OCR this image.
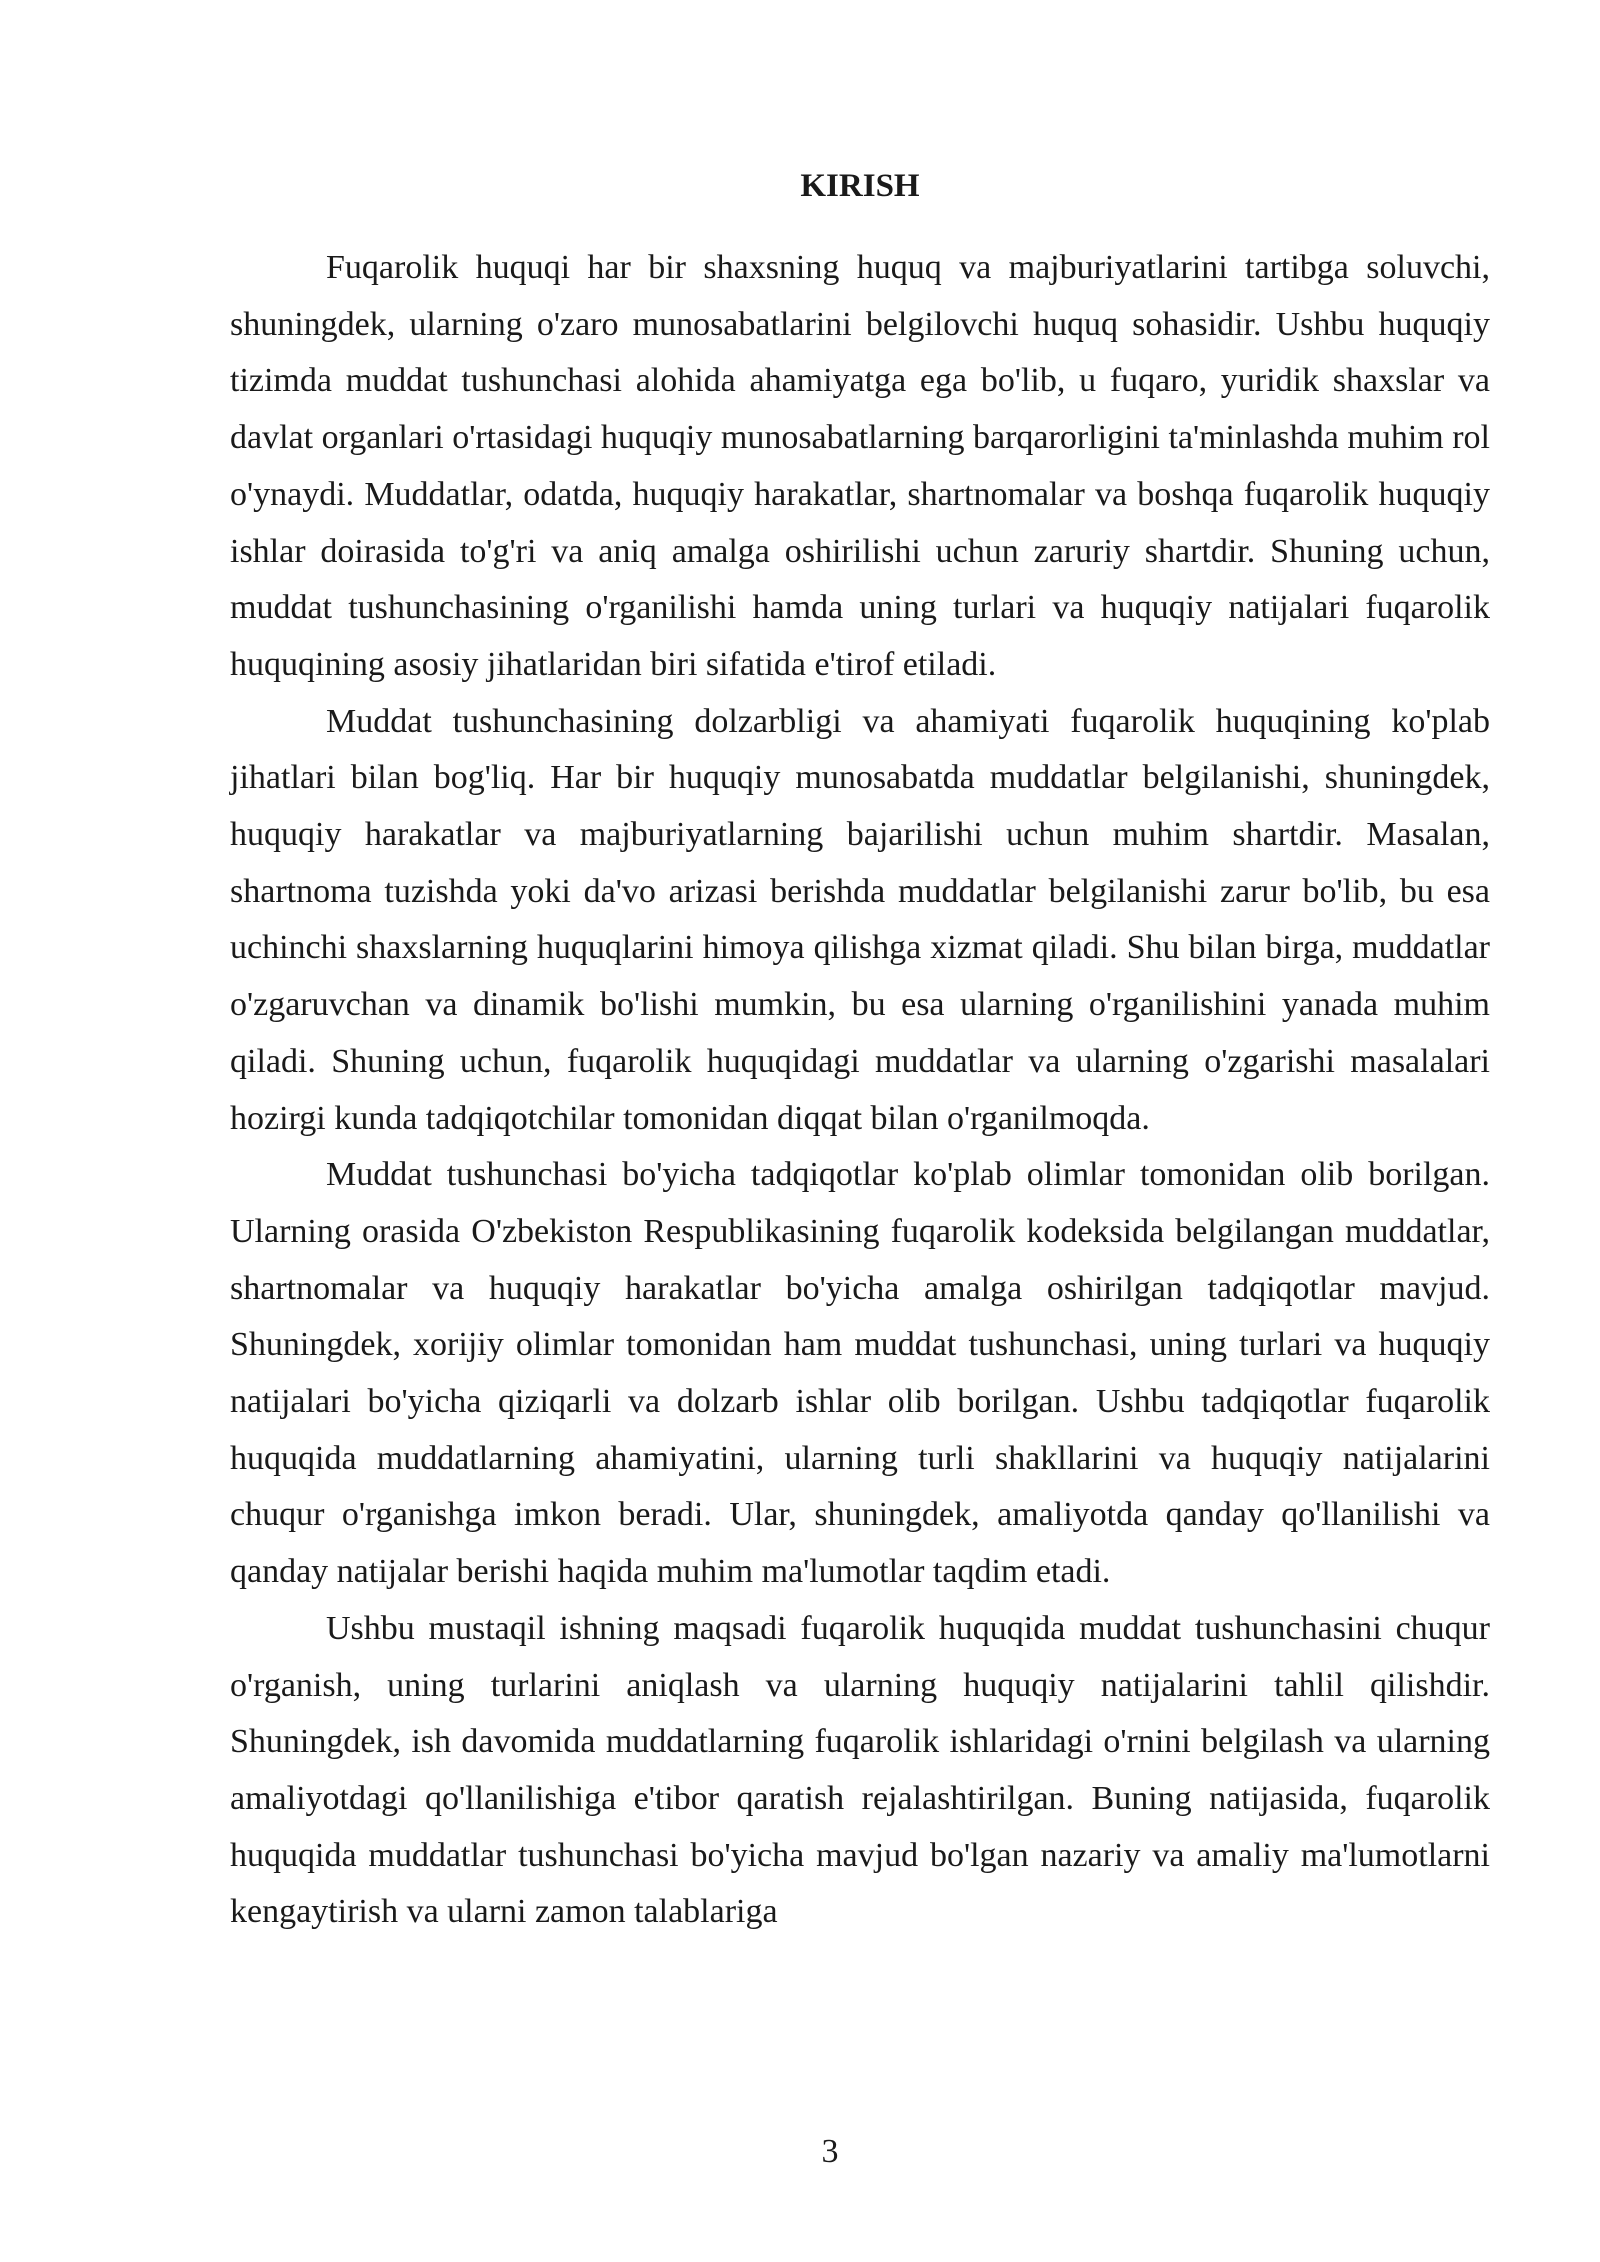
KIRISH

Fuqarolik huquqi har bir shaxsning huquq va majburiyatlarini tartibga soluvchi, shuningdek, ularning o'zaro munosabatlarini belgilovchi huquq sohasidir. Ushbu huquqiy tizimda muddat tushunchasi alohida ahamiyatga ega bo'lib, u fuqaro, yuridik shaxslar va davlat organlari o'rtasidagi huquqiy munosabatlarning barqarorligini ta'minlashda muhim rol o'ynaydi. Muddatlar, odatda, huquqiy harakatlar, shartnomalar va boshqa fuqarolik huquqiy ishlar doirasida to'g'ri va aniq amalga oshirilishi uchun zaruriy shartdir. Shuning uchun, muddat tushunchasining o'rganilishi hamda uning turlari va huquqiy natijalari fuqarolik huquqining asosiy jihatlaridan biri sifatida e'tirof etiladi.

Muddat tushunchasining dolzarbligi va ahamiyati fuqarolik huquqining ko'plab jihatlari bilan bog'liq. Har bir huquqiy munosabatda muddatlar belgilanishi, shuningdek, huquqiy harakatlar va majburiyatlarning bajarilishi uchun muhim shartdir. Masalan, shartnoma tuzishda yoki da'vo arizasi berishda muddatlar belgilanishi zarur bo'lib, bu esa uchinchi shaxslarning huquqlarini himoya qilishga xizmat qiladi. Shu bilan birga, muddatlar o'zgaruvchan va dinamik bo'lishi mumkin, bu esa ularning o'rganilishini yanada muhim qiladi. Shuning uchun, fuqarolik huquqidagi muddatlar va ularning o'zgarishi masalalari hozirgi kunda tadqiqotchilar tomonidan diqqat bilan o'rganilmoqda.

Muddat tushunchasi bo'yicha tadqiqotlar ko'plab olimlar tomonidan olib borilgan. Ularning orasida O'zbekiston Respublikasining fuqarolik kodeksida belgilangan muddatlar, shartnomalar va huquqiy harakatlar bo'yicha amalga oshirilgan tadqiqotlar mavjud. Shuningdek, xorijiy olimlar tomonidan ham muddat tushunchasi, uning turlari va huquqiy natijalari bo'yicha qiziqarli va dolzarb ishlar olib borilgan. Ushbu tadqiqotlar fuqarolik huquqida muddatlarning ahamiyatini, ularning turli shakllarini va huquqiy natijalarini chuqur o'rganishga imkon beradi. Ular, shuningdek, amaliyotda qanday qo'llanilishi va qanday natijalar berishi haqida muhim ma'lumotlar taqdim etadi.

Ushbu mustaqil ishning maqsadi fuqarolik huquqida muddat tushunchasini chuqur o'rganish, uning turlarini aniqlash va ularning huquqiy natijalarini tahlil qilishdir. Shuningdek, ish davomida muddatlarning fuqarolik ishlaridagi o'rnini belgilash va ularning amaliyotdagi qo'llanilishiga e'tibor qaratish rejalashtirilgan. Buning natijasida, fuqarolik huquqida muddatlar tushunchasi bo'yicha mavjud bo'lgan nazariy va amaliy ma'lumotlarni kengaytirish va ularni zamon talablariga

3
